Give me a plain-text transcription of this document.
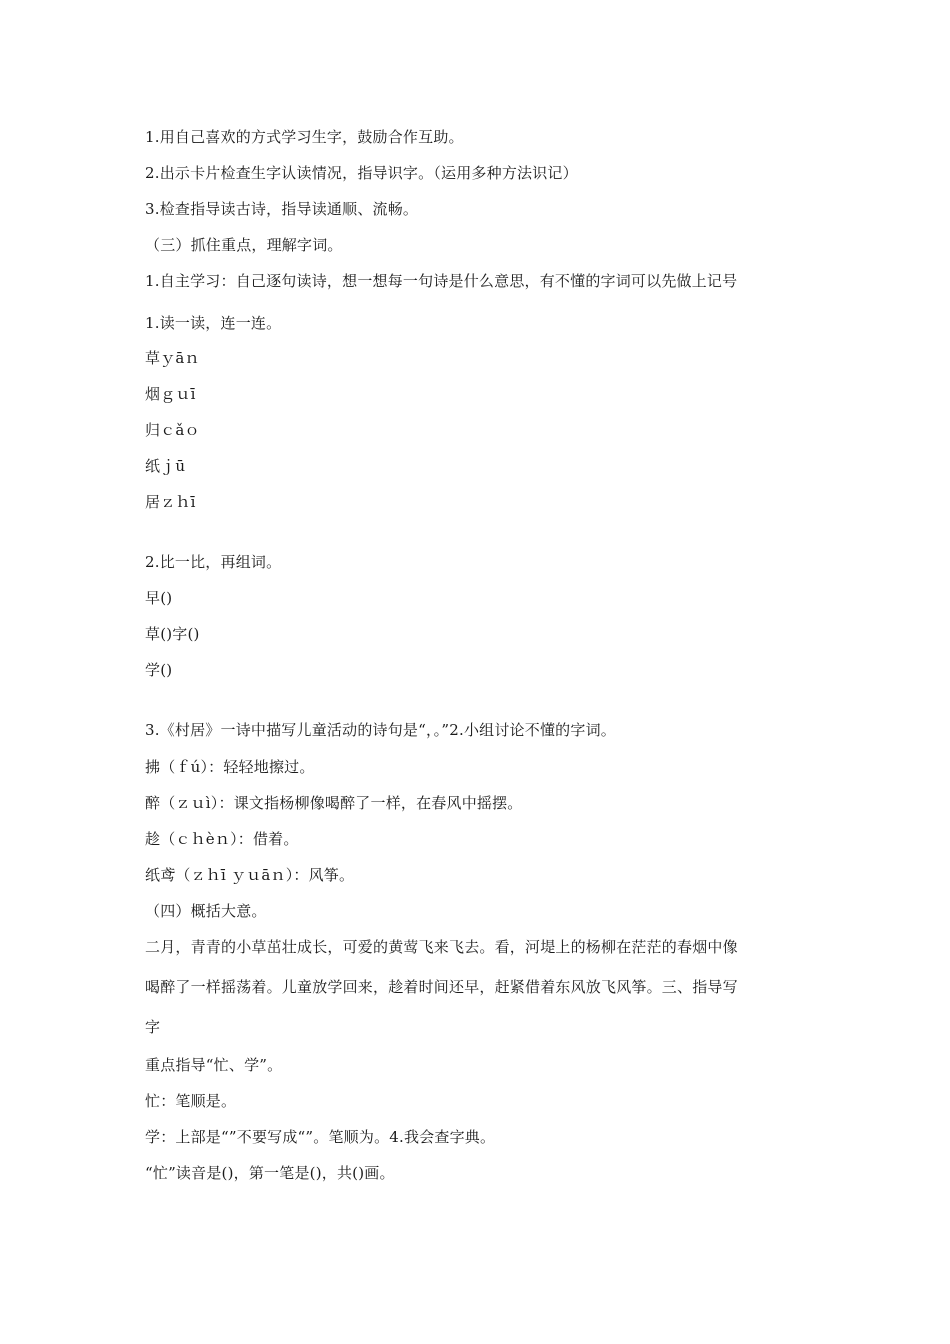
1.用自己喜欢的方式学习生字，鼓励合作互助。
2.出示卡片检查生字认读情况，指导识字。（运用多种方法识记）
3.检查指导读古诗，指导读通顺、流畅。
（三）抓住重点，理解字词。
1.自主学习：自己逐句读诗，想一想每一句诗是什么意思，有不懂的字词可以先做上记号
1.读一读，连一连。
草ｙāｎ
烟ｇｕī
归ｃǎｏ
纸ｊū
居ｚｈī
2.比一比，再组词。
早()
草()字()
学()
3.《村居》一诗中描写儿童活动的诗句是“，。”2.小组讨论不懂的字词。
拂（ｆú）：轻轻地擦过。
醉（ｚｕì）：课文指杨柳像喝醉了一样，在春风中摇摆。
趁（ｃｈèｎ）：借着。
纸鸢（ｚｈī ｙｕāｎ）：风筝。
（四）概括大意。
二月，青青的小草茁壮成长，可爱的黄莺飞来飞去。看，河堤上的杨柳在茫茫的春烟中像
喝醉了一样摇荡着。儿童放学回来，趁着时间还早，赶紧借着东风放飞风筝。三、指导写
字
重点指导“忙、学”。
忙：笔顺是。
学：上部是“”不要写成“”。笔顺为。4.我会查字典。
“忙”读音是()，第一笔是()，共()画。
